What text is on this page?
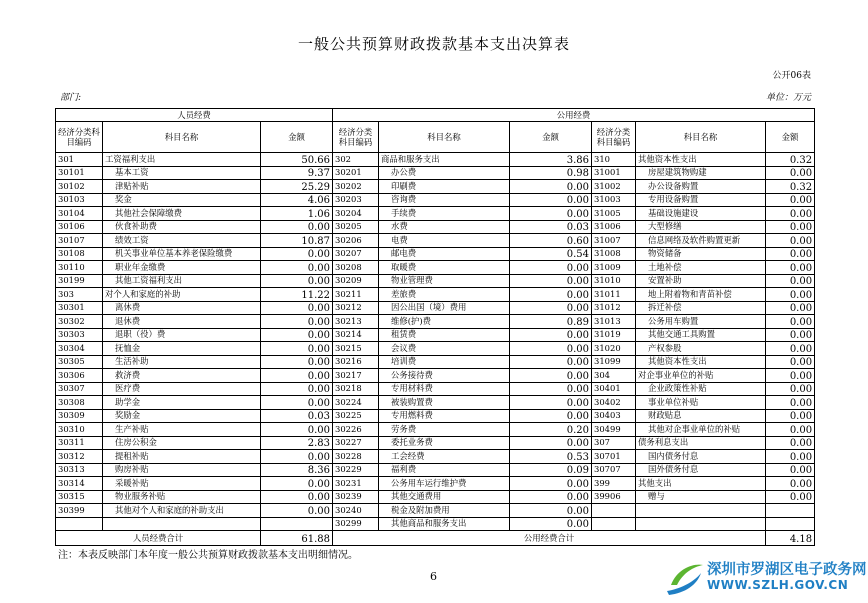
一般公共预算财政拨款基本支出决算表
公开06表
部门:	单位：万元
人员经费			公用经费					
经济分类科目编码	科目名称	金额	经济分类科目编码	科目名称	金额	经济分类科目编码	科目名称	金额
301	工资福利支出	50.66	302	商品和服务支出	3.86	310	其他资本性支出	0.32
30101	基本工资	9.37	30201	办公费	0.98	31001	房屋建筑物购建	0.00
30102	津贴补贴	25.29	30202	印刷费	0.00	31002	办公设备购置	0.32
30103	奖金	4.06	30203	咨询费	0.00	31003	专用设备购置	0.00
30104	其他社会保障缴费	1.06	30204	手续费	0.00	31005	基础设施建设	0.00
30106	伙食补助费	0.00	30205	水费	0.03	31006	大型修缮	0.00
30107	绩效工资	10.87	30206	电费	0.60	31007	信息网络及软件购置更新	0.00
30108	机关事业单位基本养老保险缴费	0.00	30207	邮电费	0.54	31008	物资储备	0.00
30110	职业年金缴费	0.00	30208	取暖费	0.00	31009	土地补偿	0.00
30199	其他工资福利支出	0.00	30209	物业管理费	0.00	31010	安置补助	0.00
303	对个人和家庭的补助	11.22	30211	差旅费	0.00	31011	地上附着物和青苗补偿	0.00
30301	离休费	0.00	30212	因公出国（境）费用	0.00	31012	拆迁补偿	0.00
30302	退休费	0.00	30213	维修(护)费	0.89	31013	公务用车购置	0.00
30303	退职（役）费	0.00	30214	租赁费	0.00	31019	其他交通工具购置	0.00
30304	抚恤金	0.00	30215	会议费	0.00	31020	产权参股	0.00
30305	生活补助	0.00	30216	培训费	0.00	31099	其他资本性支出	0.00
30306	救济费	0.00	30217	公务接待费	0.00	304	对企事业单位的补贴	0.00
30307	医疗费	0.00	30218	专用材料费	0.00	30401	企业政策性补贴	0.00
30308	助学金	0.00	30224	被装购置费	0.00	30402	事业单位补贴	0.00
30309	奖励金	0.03	30225	专用燃料费	0.00	30403	财政贴息	0.00
30310	生产补贴	0.00	30226	劳务费	0.20	30499	其他对企事业单位的补贴	0.00
30311	住房公积金	2.83	30227	委托业务费	0.00	307	债务利息支出	0.00
30312	提租补贴	0.00	30228	工会经费	0.53	30701	国内债务付息	0.00
30313	购房补贴	8.36	30229	福利费	0.09	30707	国外债务付息	0.00
30314	采暖补贴	0.00	30231	公务用车运行维护费	0.00	399	其他支出	0.00
30315	物业服务补贴	0.00	30239	其他交通费用	0.00	39906	赠与	0.00
30399	其他对个人和家庭的补助支出	0.00	30240	税金及附加费用	0.00			
			30299	其他商品和服务支出	0.00			
人员经费合计		61.88	公用经费合计					4.18
注：本表反映部门本年度一般公共预算财政拨款基本支出明细情况。
6	深圳市罗湖区电子政务网
WWW.SZLH.GOV.CN
